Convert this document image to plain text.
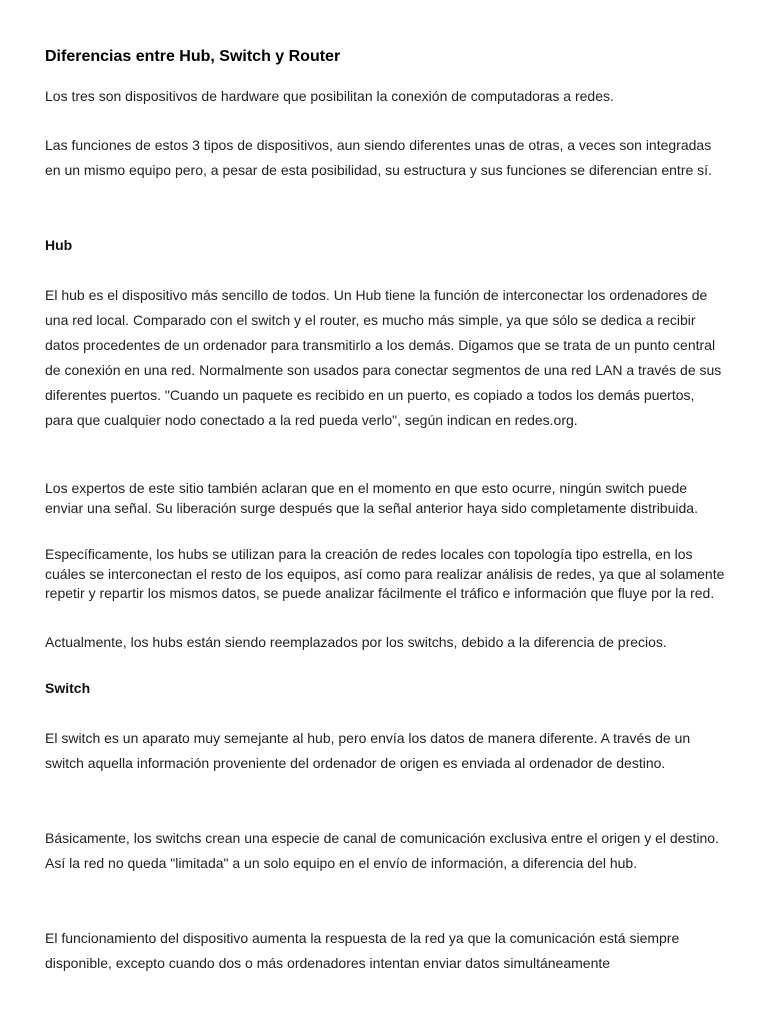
Diferencias entre Hub, Switch y Router

Los tres son dispositivos de hardware que posibilitan la conexión de computadoras a redes.

Las funciones de estos 3 tipos de dispositivos, aun siendo diferentes unas de otras, a veces son integradas en un mismo equipo pero, a pesar de esta posibilidad, su estructura y sus funciones se diferencian entre sí.

Hub

El hub es el dispositivo más sencillo de todos. Un Hub tiene la función de interconectar los ordenadores de una red local. Comparado con el switch y el router, es mucho más simple, ya que sólo se dedica a recibir datos procedentes de un ordenador para transmitirlo a los demás. Digamos que se trata de un punto central de conexión en una red. Normalmente son usados para conectar segmentos de una red LAN a través de sus diferentes puertos. "Cuando un paquete es recibido en un puerto, es copiado a todos los demás puertos, para que cualquier nodo conectado a la red pueda verlo", según indican en redes.org.

Los expertos de este sitio también aclaran que en el momento en que esto ocurre, ningún switch puede enviar una señal. Su liberación surge después que la señal anterior haya sido completamente distribuida.

Específicamente, los hubs se utilizan para la creación de redes locales con topología tipo estrella, en los cuáles se interconectan el resto de los equipos, así como para realizar análisis de redes, ya que al solamente repetir y repartir los mismos datos, se puede analizar fácilmente el tráfico e información que fluye por la red.

Actualmente, los hubs están siendo reemplazados por los switchs, debido a la diferencia de precios.

Switch

El switch es un aparato muy semejante al hub, pero envía los datos de manera diferente. A través de un switch aquella información proveniente del ordenador de origen es enviada al ordenador de destino.

Básicamente, los switchs crean una especie de canal de comunicación exclusiva entre el origen y el destino. Así la red no queda "limitada" a un solo equipo en el envío de información, a diferencia del hub.

El funcionamiento del dispositivo aumenta la respuesta de la red ya que la comunicación está siempre disponible, excepto cuando dos o más ordenadores intentan enviar datos simultáneamente
